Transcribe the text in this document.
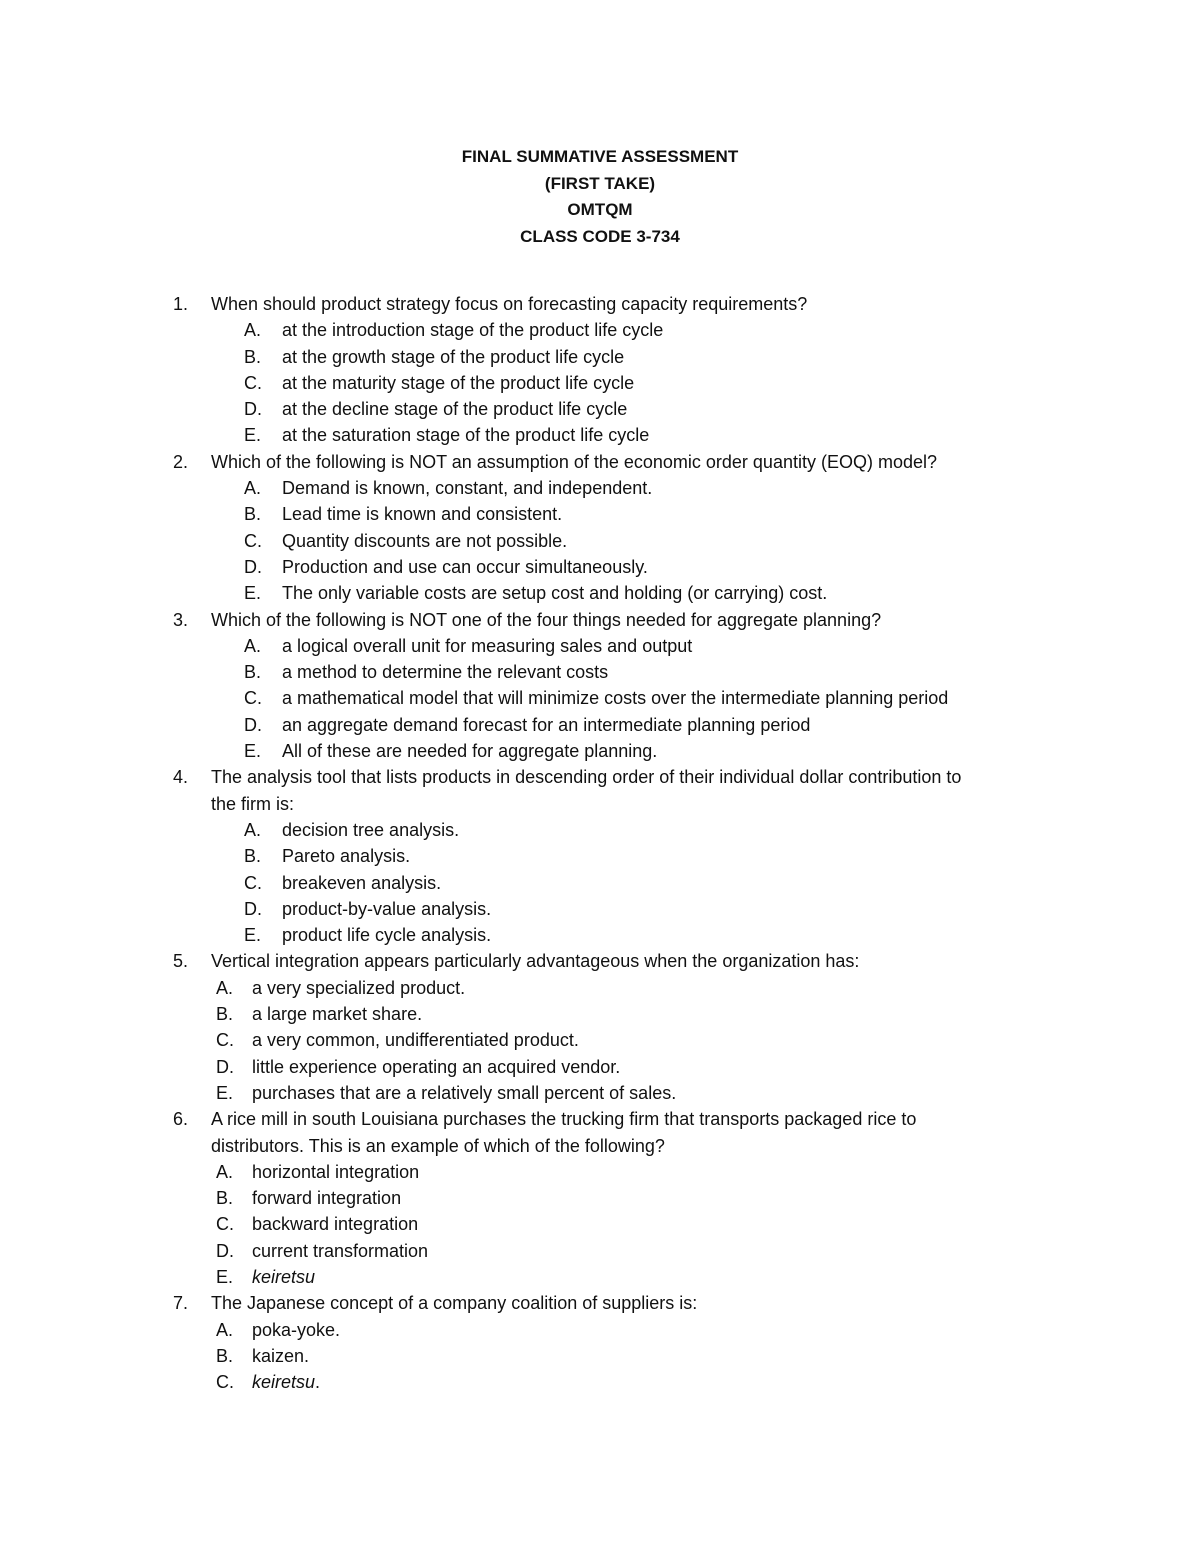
FINAL SUMMATIVE ASSESSMENT
(FIRST TAKE)
OMTQM
CLASS CODE 3-734
1.	When should product strategy focus on forecasting capacity requirements?
A.	at the introduction stage of the product life cycle
B.	at the growth stage of the product life cycle
C.	at the maturity stage of the product life cycle
D.	at the decline stage of the product life cycle
E.	at the saturation stage of the product life cycle
2.	Which of the following is NOT an assumption of the economic order quantity (EOQ) model?
A.	Demand is known, constant, and independent.
B.	Lead time is known and consistent.
C.	Quantity discounts are not possible.
D.	Production and use can occur simultaneously.
E.	The only variable costs are setup cost and holding (or carrying) cost.
3.	Which of the following is NOT one of the four things needed for aggregate planning?
A.	a logical overall unit for measuring sales and output
B.	a method to determine the relevant costs
C.	a mathematical model that will minimize costs over the intermediate planning period
D.	an aggregate demand forecast for an intermediate planning period
E.	All of these are needed for aggregate planning.
4.	The analysis tool that lists products in descending order of their individual dollar contribution to
the firm is:
A.	decision tree analysis.
B.	Pareto analysis.
C.	breakeven analysis.
D.	product-by-value analysis.
E.	product life cycle analysis.
5.	Vertical integration appears particularly advantageous when the organization has:
A.	a very specialized product.
B.	a large market share.
C.	a very common, undifferentiated product.
D.	little experience operating an acquired vendor.
E.	purchases that are a relatively small percent of sales.
6.	A rice mill in south Louisiana purchases the trucking firm that transports packaged rice to
distributors. This is an example of which of the following?
A.	horizontal integration
B.	forward integration
C.	backward integration
D.	current transformation
E.	keiretsu
7.	The Japanese concept of a company coalition of suppliers is:
A.	poka-yoke.
B.	kaizen.
C.	keiretsu.
